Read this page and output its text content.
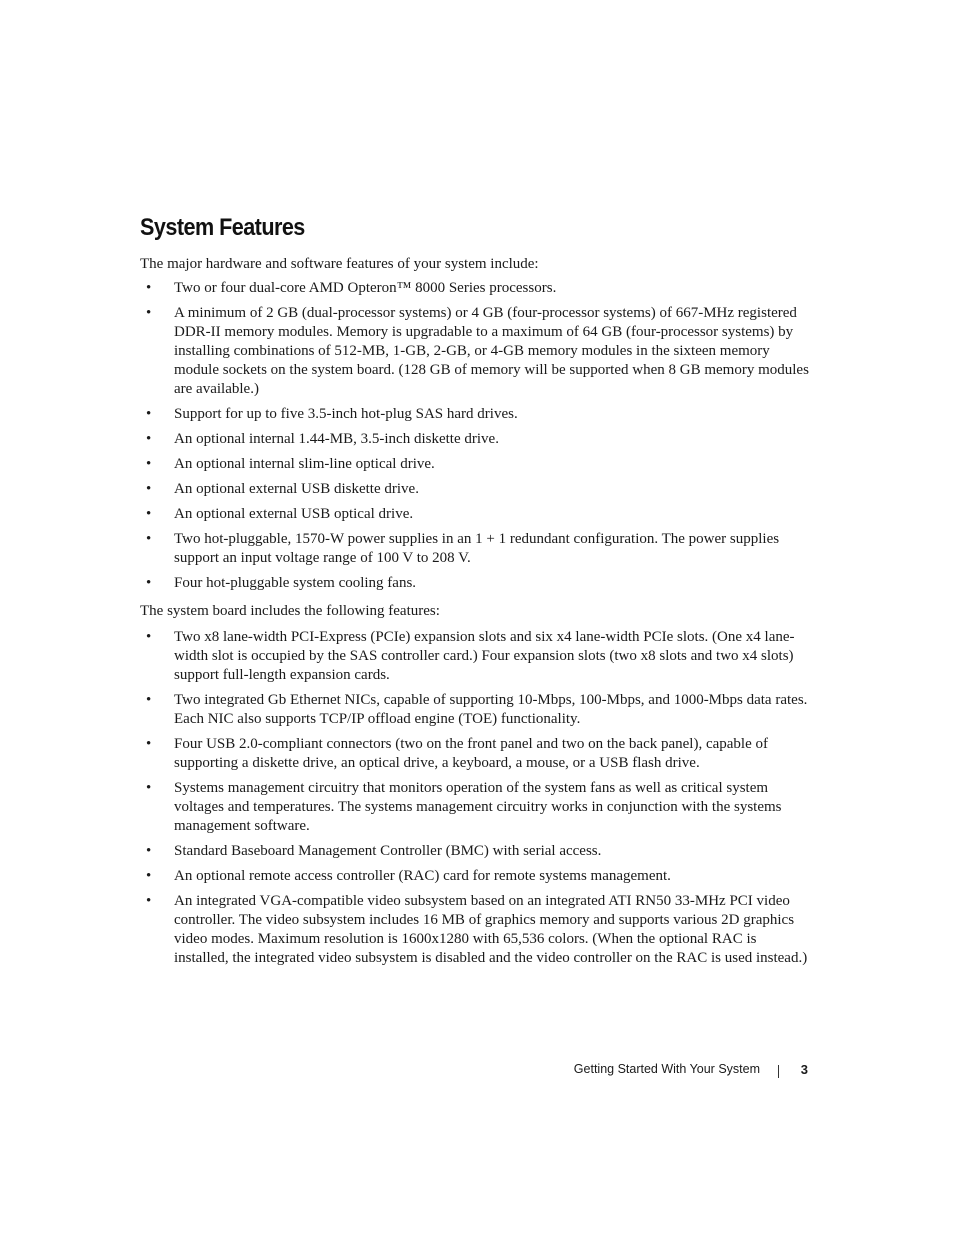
System Features

The major hardware and software features of your system include:

• Two or four dual-core AMD Opteron™ 8000 Series processors.
• A minimum of 2 GB (dual-processor systems) or 4 GB (four-processor systems) of 667-MHz registered DDR-II memory modules. Memory is upgradable to a maximum of 64 GB (four-processor systems) by installing combinations of 512-MB, 1-GB, 2-GB, or 4-GB memory modules in the sixteen memory module sockets on the system board. (128 GB of memory will be supported when 8 GB memory modules are available.)
• Support for up to five 3.5-inch hot-plug SAS hard drives.
• An optional internal 1.44-MB, 3.5-inch diskette drive.
• An optional internal slim-line optical drive.
• An optional external USB diskette drive.
• An optional external USB optical drive.
• Two hot-pluggable, 1570-W power supplies in an 1 + 1 redundant configuration. The power supplies support an input voltage range of 100 V to 208 V.
• Four hot-pluggable system cooling fans.

The system board includes the following features:

• Two x8 lane-width PCI-Express (PCIe) expansion slots and six x4 lane-width PCIe slots. (One x4 lane-width slot is occupied by the SAS controller card.) Four expansion slots (two x8 slots and two x4 slots) support full-length expansion cards.
• Two integrated Gb Ethernet NICs, capable of supporting 10-Mbps, 100-Mbps, and 1000-Mbps data rates. Each NIC also supports TCP/IP offload engine (TOE) functionality.
• Four USB 2.0-compliant connectors (two on the front panel and two on the back panel), capable of supporting a diskette drive, an optical drive, a keyboard, a mouse, or a USB flash drive.
• Systems management circuitry that monitors operation of the system fans as well as critical system voltages and temperatures. The systems management circuitry works in conjunction with the systems management software.
• Standard Baseboard Management Controller (BMC) with serial access.
• An optional remote access controller (RAC) card for remote systems management.
• An integrated VGA-compatible video subsystem based on an integrated ATI RN50 33-MHz PCI video controller. The video subsystem includes 16 MB of graphics memory and supports various 2D graphics video modes. Maximum resolution is 1600x1280 with 65,536 colors. (When the optional RAC is installed, the integrated video subsystem is disabled and the video controller on the RAC is used instead.)
Getting Started With Your System	3
